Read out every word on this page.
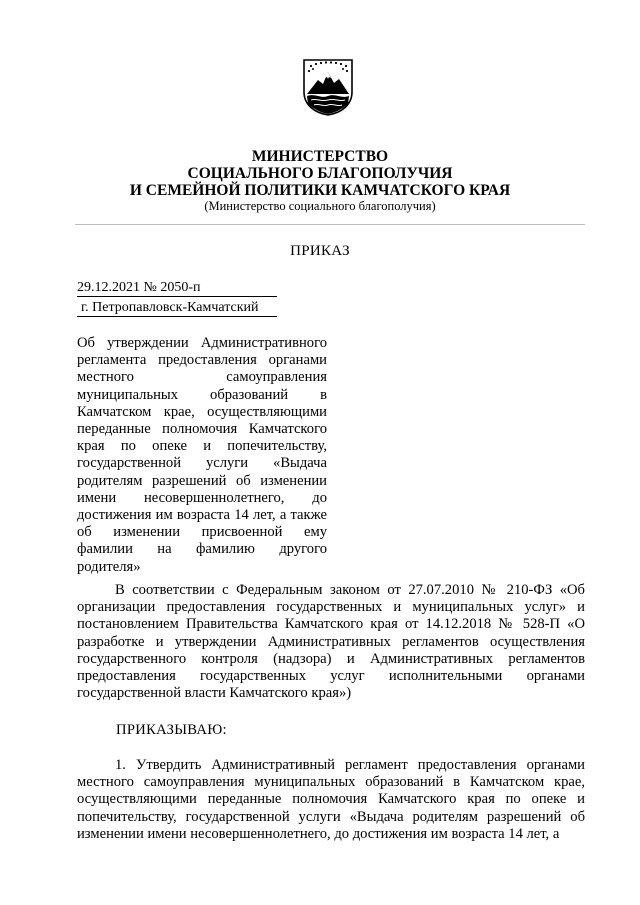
МИНИСТЕРСТВО
СОЦИАЛЬНОГО БЛАГОПОЛУЧИЯ
И СЕМЕЙНОЙ ПОЛИТИКИ КАМЧАТСКОГО КРАЯ
(Министерство социального благополучия)
ПРИКАЗ
29.12.2021 № 2050-п
г. Петропавловск-Камчатский
Об утверждении Административного регламента предоставления органами местного самоуправления муниципальных образований в Камчатском крае, осуществляющими переданные полномочия Камчатского края по опеке и попечительству, государственной услуги «Выдача родителям разрешений об изменении имени несовершеннолетнего, до достижения им возраста 14 лет, а также об изменении присвоенной ему фамилии на фамилию другого родителя»
В соответствии с Федеральным законом от 27.07.2010 № 210-ФЗ «Об организации предоставления государственных и муниципальных услуг» и постановлением Правительства Камчатского края от 14.12.2018 № 528-П «О разработке и утверждении Административных регламентов осуществления государственного контроля (надзора) и Административных регламентов предоставления государственных услуг исполнительными органами государственной власти Камчатского края»)
ПРИКАЗЫВАЮ:
1. Утвердить Административный регламент предоставления органами местного самоуправления муниципальных образований в Камчатском крае, осуществляющими переданные полномочия Камчатского края по опеке и попечительству, государственной услуги «Выдача родителям разрешений об изменении имени несовершеннолетнего, до достижения им возраста 14 лет, а
